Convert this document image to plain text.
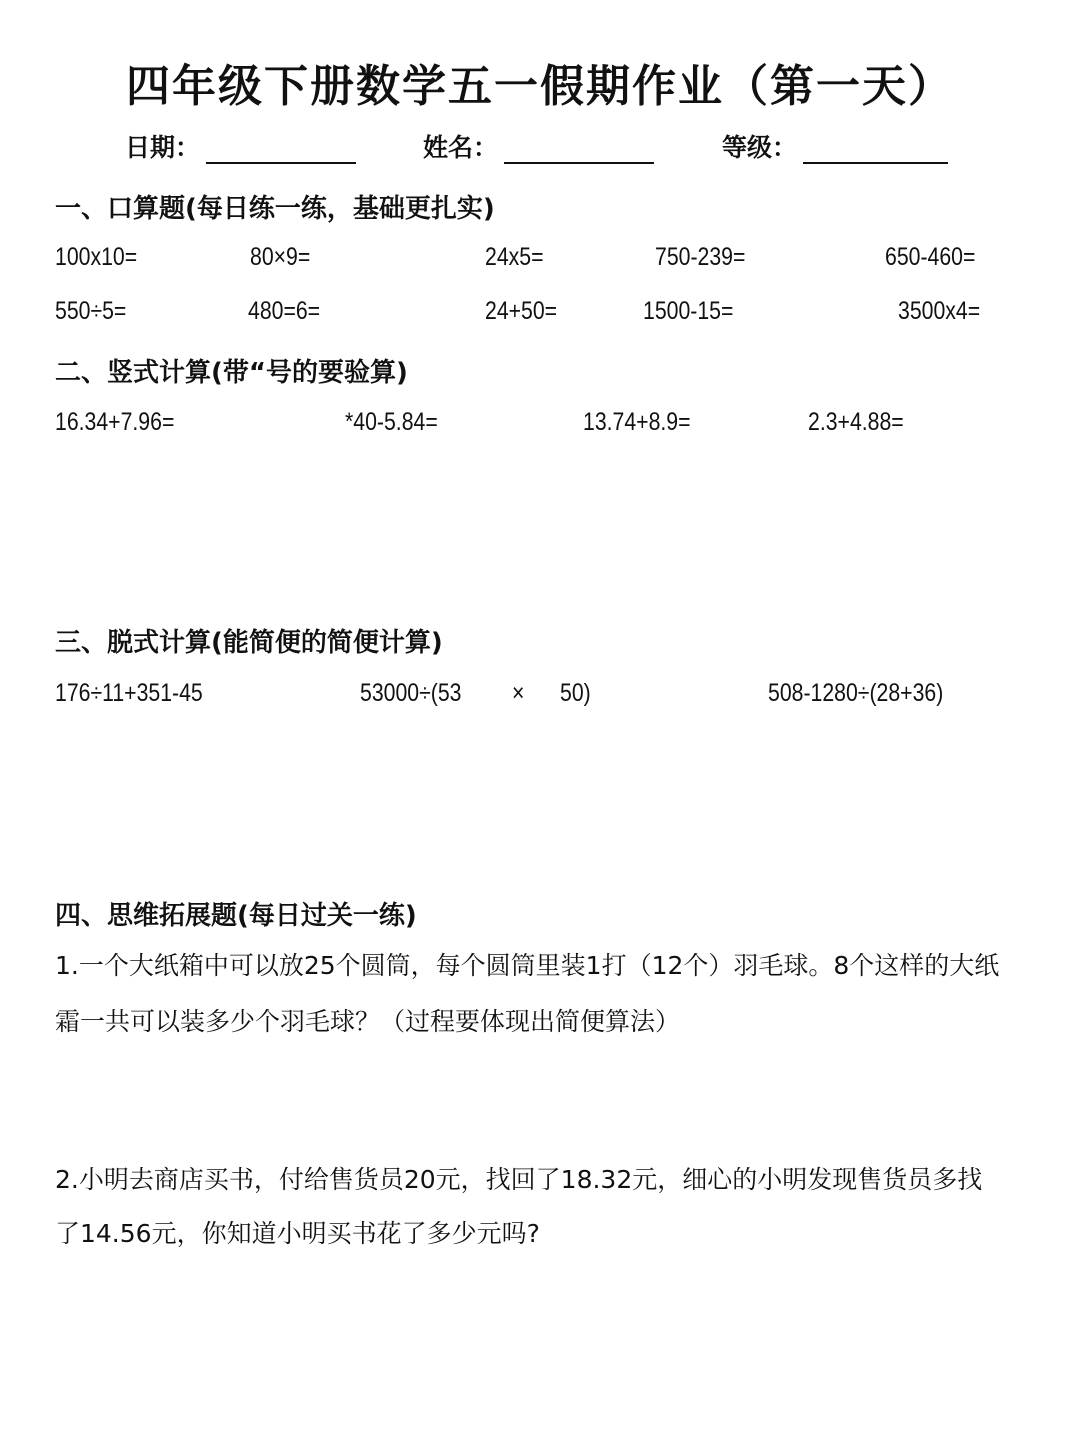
四年级下册数学五一假期作业（第一天）
日期：	姓名：	等级：
一、口算题(每日练一练，基础更扎实)
100x10=	80×9=	24x5=	750-239=	650-460=
550÷5=	480=6=	24+50=	1500-15=	3500x4=
二、竖式计算(带“号的要验算)
16.34+7.96=	*40-5.84=	13.74+8.9=	2.3+4.88=
三、脱式计算(能简便的简便计算)
176÷11+351-45	53000÷(53 × 50)	508-1280÷(28+36)
四、思维拓展题(每日过关一练)
1.一个大纸箱中可以放25个圆筒，每个圆筒里装1打（12个）羽毛球。8个这样的大纸
霜一共可以装多少个羽毛球？（过程要体现出简便算法）
2.小明去商店买书，付给售货员20元，找回了18.32元，细心的小明发现售货员多找
了14.56元，你知道小明买书花了多少元吗?
